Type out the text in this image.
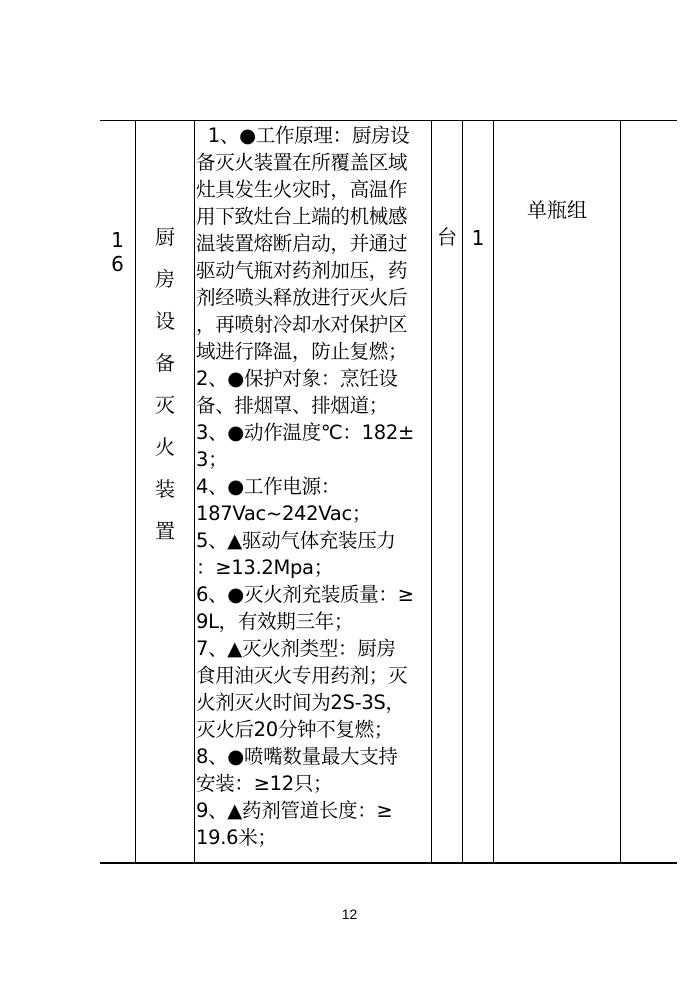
1
6
厨
房
设
备
灭
火
装
置
1、●工作原理：厨房设
备灭火装置在所覆盖区域
灶具发生火灾时，高温作
用下致灶台上端的机械感
温装置熔断启动，并通过
驱动气瓶对药剂加压，药
剂经喷头释放进行灭火后
，再喷射冷却水对保护区
域进行降温，防止复燃；
2、●保护对象：烹饪设
备、排烟罩、排烟道；
3、●动作温度℃：182±
3；
4、●工作电源：
187Vac~242Vac；
5、▲驱动气体充装压力
：≥13.2Mpa；
6、●灭火剂充装质量：≥
9L，有效期三年；
7、▲灭火剂类型：厨房
食用油灭火专用药剂；灭
火剂灭火时间为2S-3S，
灭火后20分钟不复燃；
8、●喷嘴数量最大支持
安装：≥12只；
9、▲药剂管道长度：≥
19.6米；
台 1
单瓶组
12
